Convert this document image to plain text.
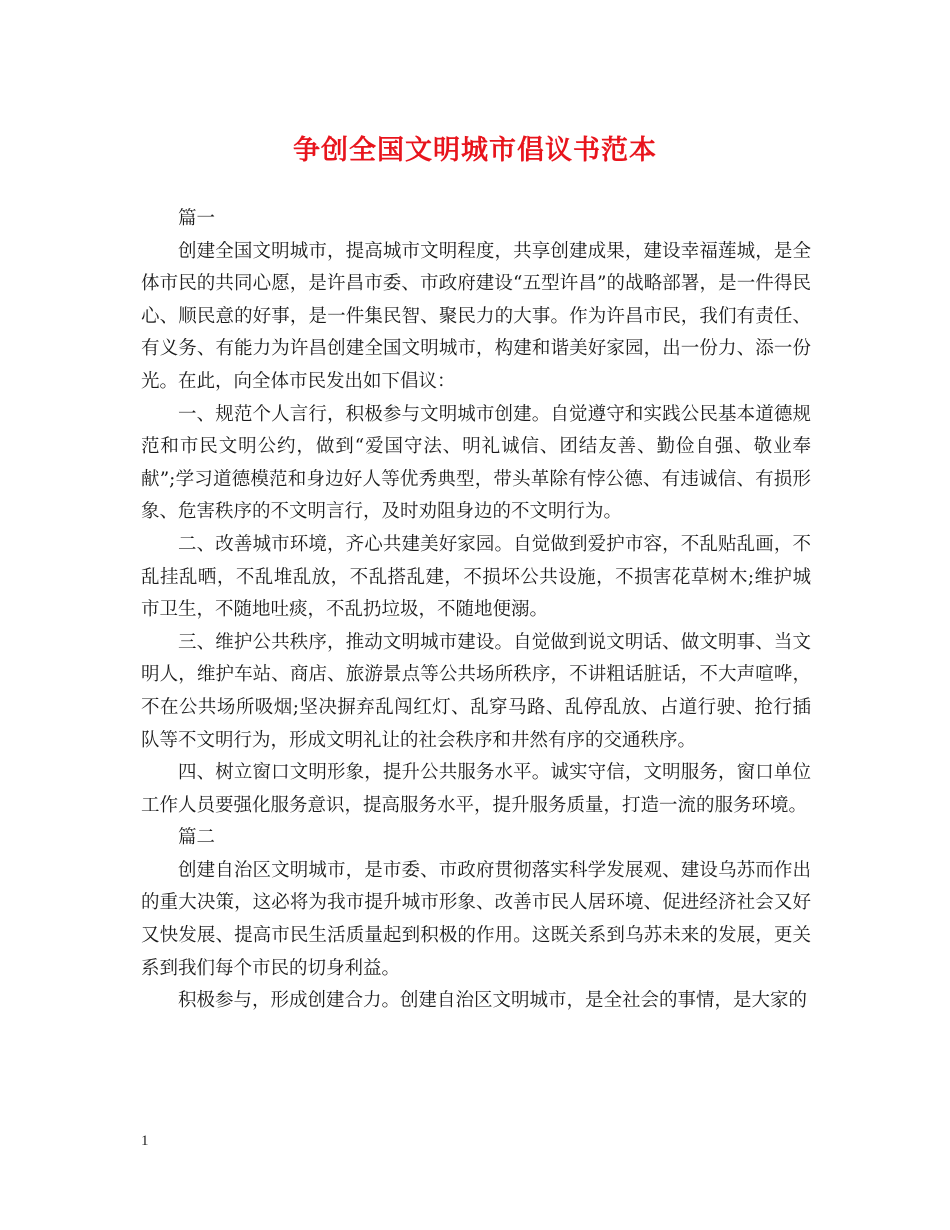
争创全国文明城市倡议书范本

篇一

创建全国文明城市，提高城市文明程度，共享创建成果，建设幸福莲城，是全体市民的共同心愿，是许昌市委、市政府建设“五型许昌”的战略部署，是一件得民心、顺民意的好事，是一件集民智、聚民力的大事。作为许昌市民，我们有责任、有义务、有能力为许昌创建全国文明城市，构建和谐美好家园，出一份力、添一份光。在此，向全体市民发出如下倡议：

一、规范个人言行，积极参与文明城市创建。自觉遵守和实践公民基本道德规范和市民文明公约，做到“爱国守法、明礼诚信、团结友善、勤俭自强、敬业奉献”;学习道德模范和身边好人等优秀典型，带头革除有悖公德、有违诚信、有损形象、危害秩序的不文明言行，及时劝阻身边的不文明行为。

二、改善城市环境，齐心共建美好家园。自觉做到爱护市容，不乱贴乱画，不乱挂乱晒，不乱堆乱放，不乱搭乱建，不损坏公共设施，不损害花草树木;维护城市卫生，不随地吐痰，不乱扔垃圾，不随地便溺。

三、维护公共秩序，推动文明城市建设。自觉做到说文明话、做文明事、当文明人，维护车站、商店、旅游景点等公共场所秩序，不讲粗话脏话，不大声喧哗，不在公共场所吸烟;坚决摒弃乱闯红灯、乱穿马路、乱停乱放、占道行驶、抢行插队等不文明行为，形成文明礼让的社会秩序和井然有序的交通秩序。

四、树立窗口文明形象，提升公共服务水平。诚实守信，文明服务，窗口单位工作人员要强化服务意识，提高服务水平，提升服务质量，打造一流的服务环境。

篇二

创建自治区文明城市，是市委、市政府贯彻落实科学发展观、建设乌苏而作出的重大决策，这必将为我市提升城市形象、改善市民人居环境、促进经济社会又好又快发展、提高市民生活质量起到积极的作用。这既关系到乌苏未来的发展，更关系到我们每个市民的切身利益。

积极参与，形成创建合力。创建自治区文明城市，是全社会的事情，是大家的

1
